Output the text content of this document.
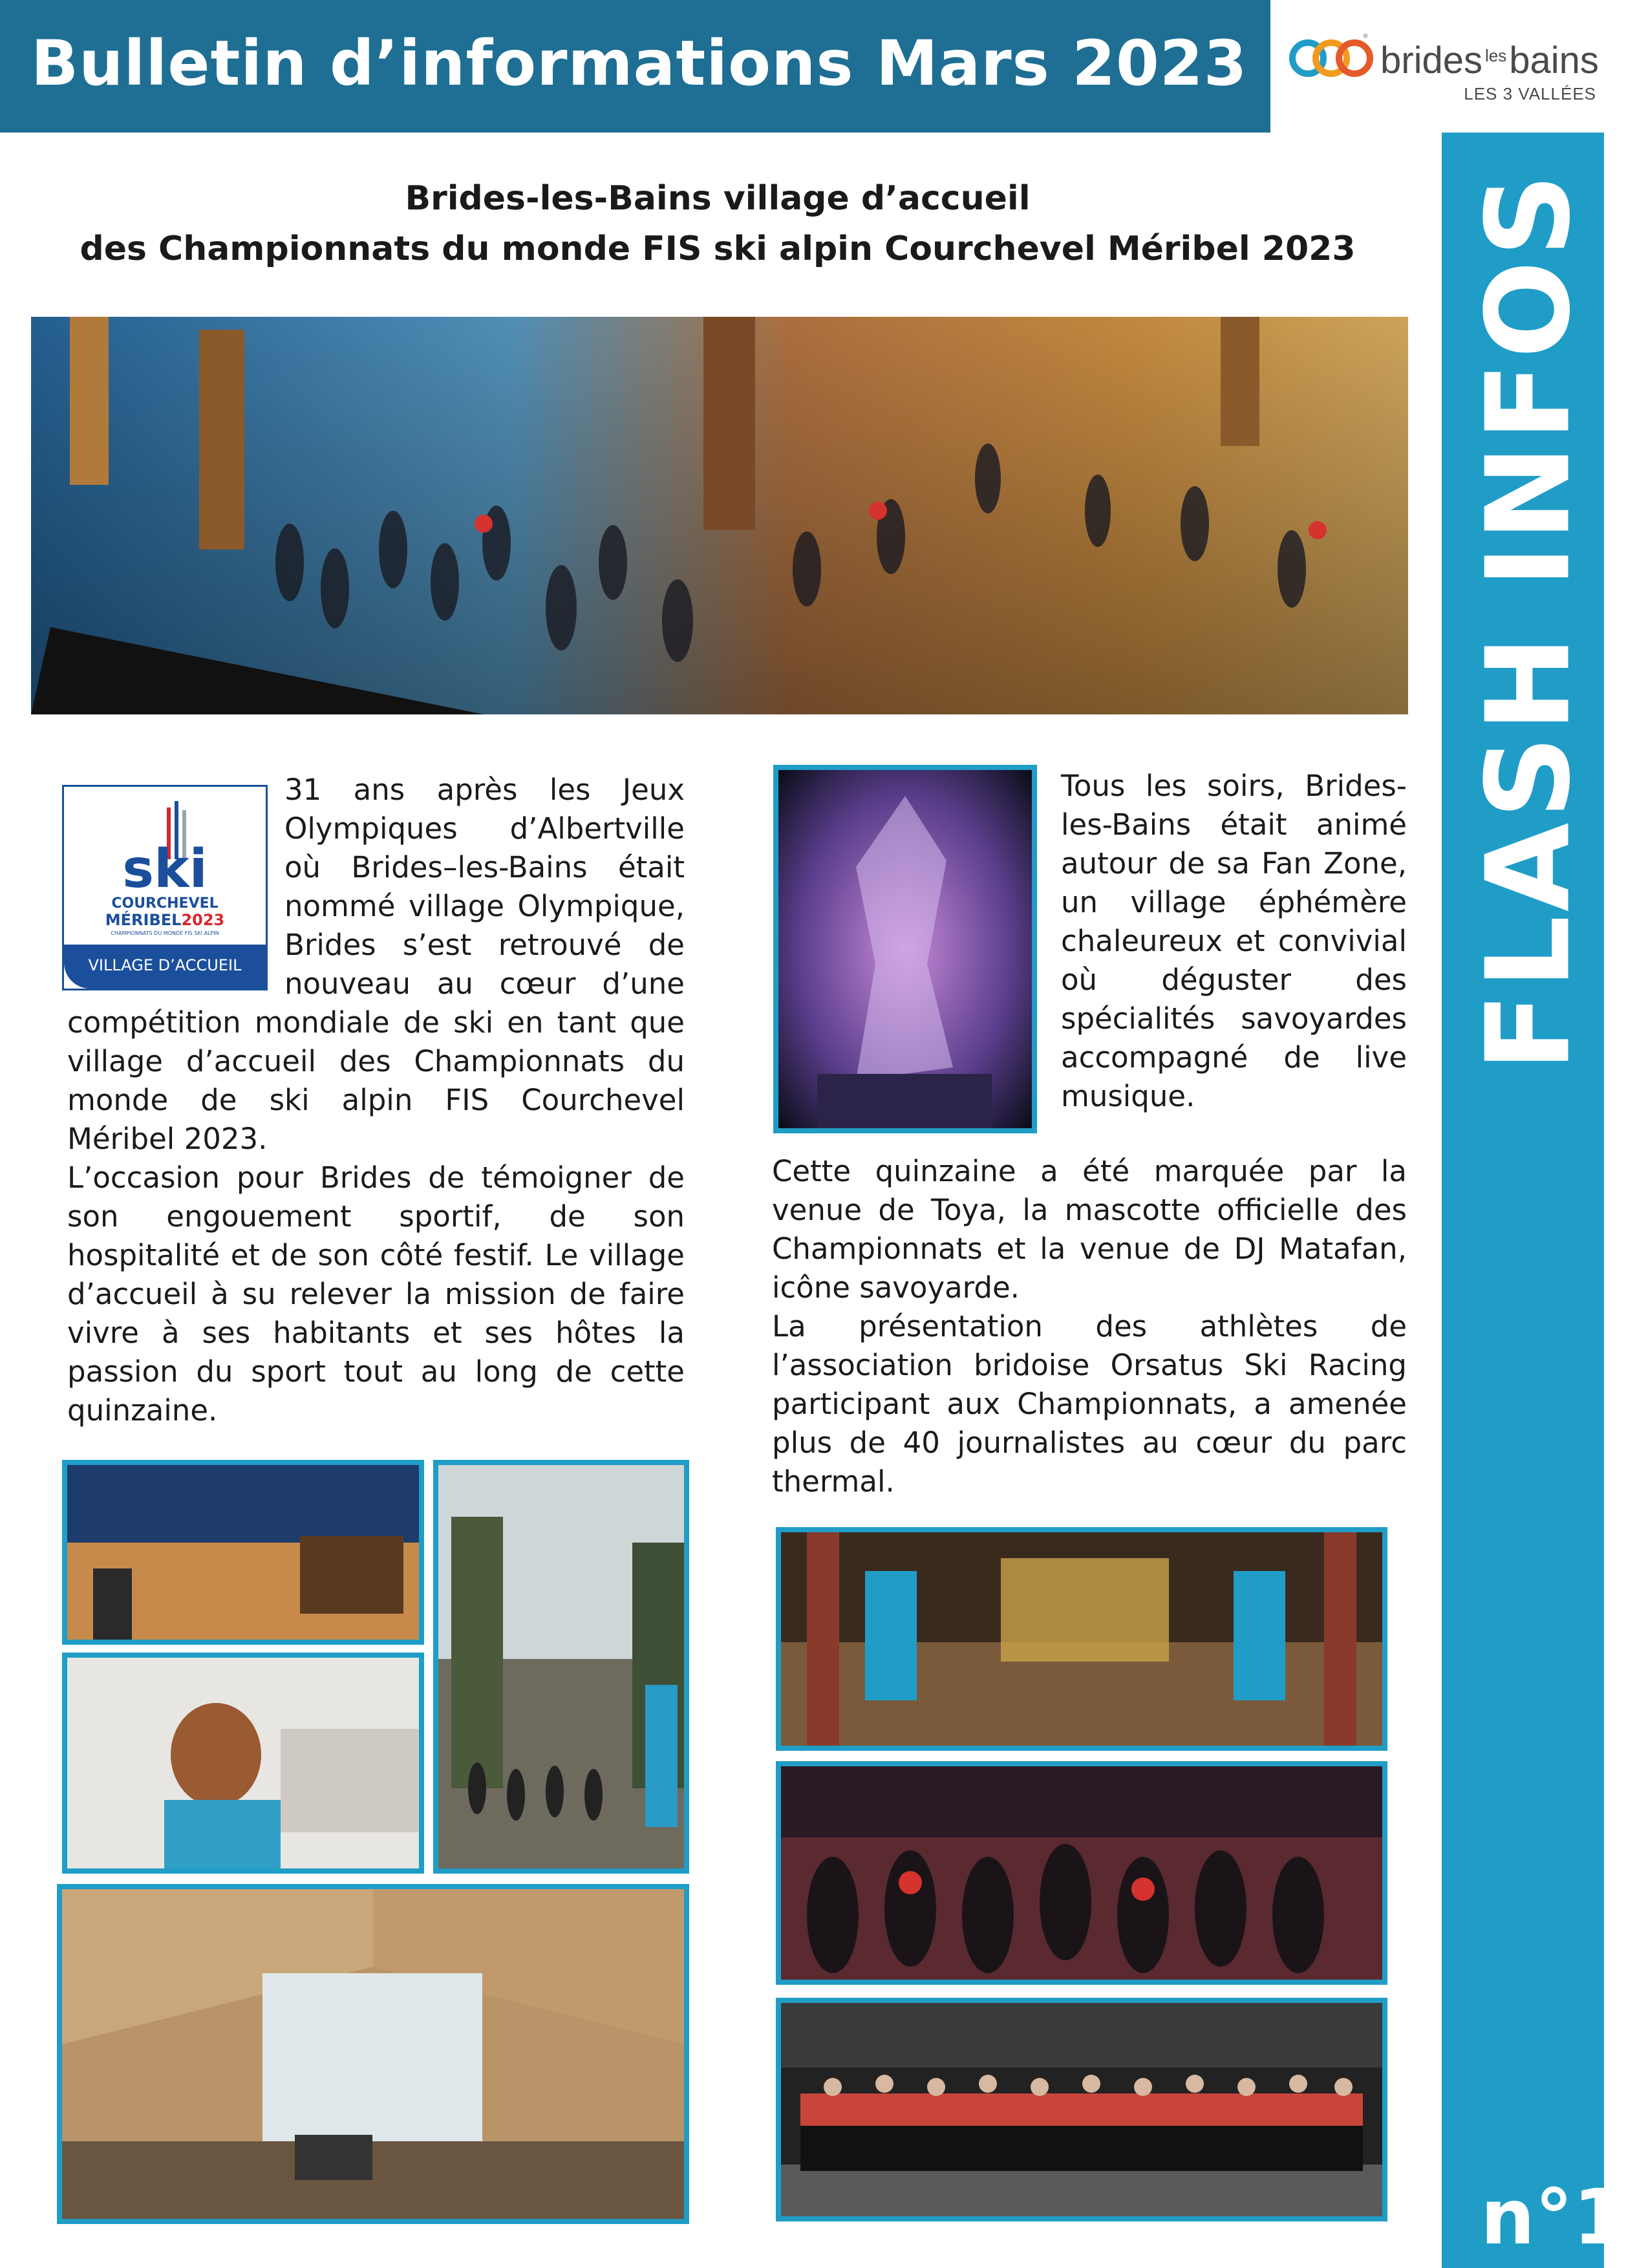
Bulletin d’informations Mars 2023	*
brides $^{les}$bains
LES 3 VALLÉES
FLASH INFOS
n°1
Brides-les-Bains village d’accueil
des Championnats du monde FIS ski alpin Courchevel Méribel 2023
ski
COURCHEVEL
MÉRIBEL2023
CHAMPIONNATS DU MONDE FIS SKI ALPIN
VILLAGE D’ACCUEIL
31 ans après les Jeux Olympiques d’Albertville où Brides–les-Bains était nommé village Olympique, Brides s’est retrouvé de nouveau au cœur d’une compétition mondiale de ski en tant que village d’accueil des Championnats du monde de ski alpin FIS Courchevel Méribel 2023.
L’occasion pour Brides de témoigner de son engouement sportif, de son hospitalité et de son côté festif. Le village d’accueil à su relever la mission de faire vivre à ses habitants et ses hôtes la passion du sport tout au long de cette quinzaine.
Tous les soirs, Brides-les-Bains était animé autour de sa Fan Zone, un village éphémère chaleureux et convivial où déguster des spécialités savoyardes accompagné de live musique.
Cette quinzaine a été marquée par la venue de Toya, la mascotte officielle des Championnats et la venue de DJ Matafan, icône savoyarde.
La présentation des athlètes de l’association bridoise Orsatus Ski Racing participant aux Championnats, a amenée plus de 40 journalistes au cœur du parc thermal.
